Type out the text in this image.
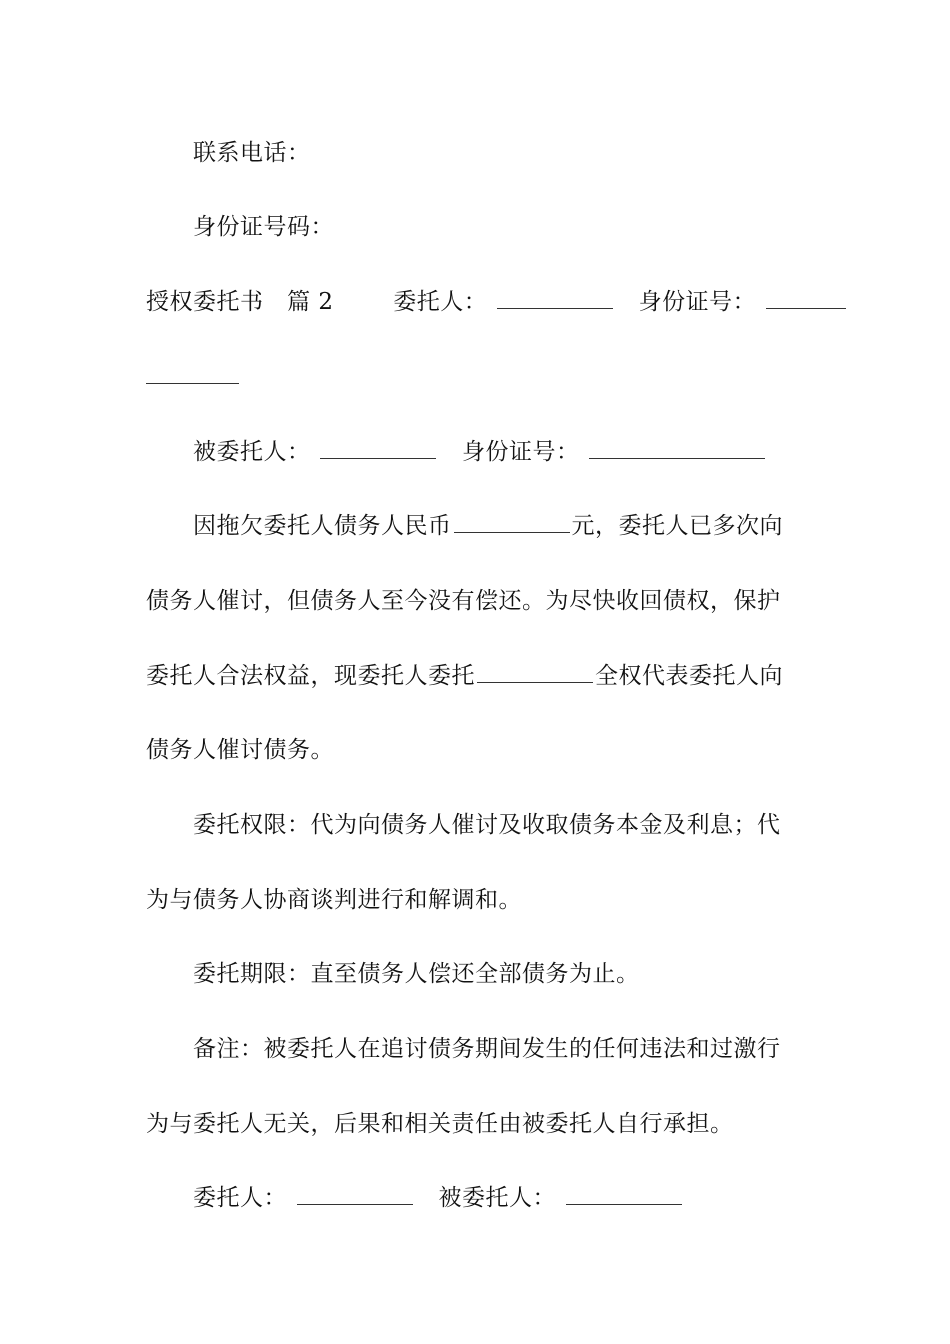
联系电话：
身份证号码：
授权委托书 篇 2	委托人：	身份证号：
被委托人：	身份证号：
因拖欠委托人债务人民币	元，委托人已多次向
债务人催讨，但债务人至今没有偿还。为尽快收回债权，保护
委托人合法权益，现委托人委托	全权代表委托人向
债务人催讨债务。
委托权限：代为向债务人催讨及收取债务本金及利息；代
为与债务人协商谈判进行和解调和。
委托期限：直至债务人偿还全部债务为止。
备注：被委托人在追讨债务期间发生的任何违法和过激行
为与委托人无关，后果和相关责任由被委托人自行承担。
委托人：	被委托人：
